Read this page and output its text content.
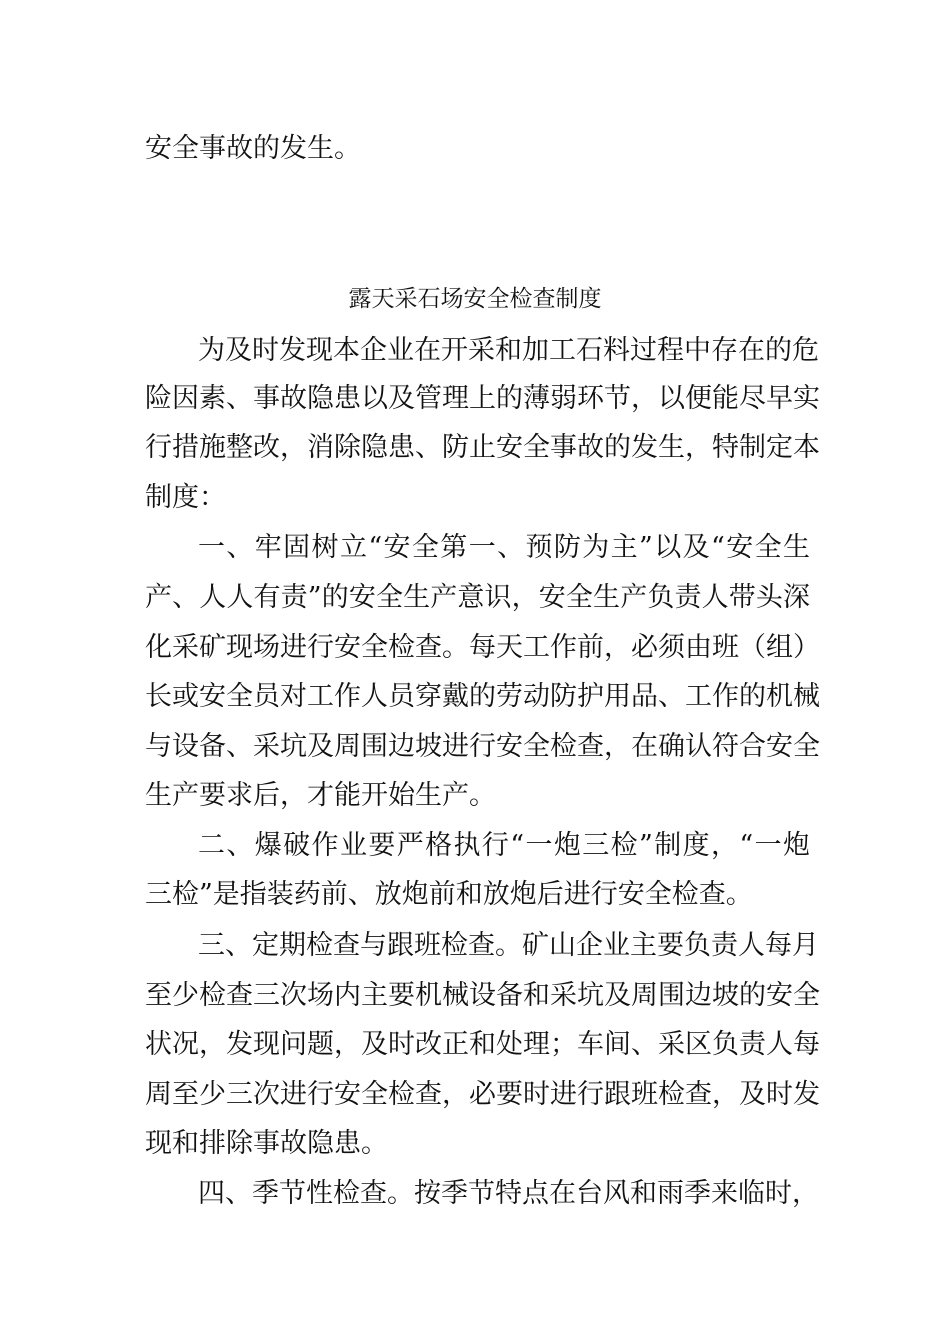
安全事故的发生。
露天采石场安全检查制度
为及时发现本企业在开采和加工石料过程中存在的危
险因素、事故隐患以及管理上的薄弱环节，以便能尽早实
行措施整改，消除隐患、防止安全事故的发生，特制定本
制度：
一、牢固树立“安全第一、预防为主”以及“安全生
产、人人有责”的安全生产意识，安全生产负责人带头深
化采矿现场进行安全检查。每天工作前，必须由班（组）
长或安全员对工作人员穿戴的劳动防护用品、工作的机械
与设备、采坑及周围边坡进行安全检查，在确认符合安全
生产要求后，才能开始生产。
二、爆破作业要严格执行“一炮三检”制度，“一炮
三检”是指装药前、放炮前和放炮后进行安全检查。
三、定期检查与跟班检查。矿山企业主要负责人每月
至少检查三次场内主要机械设备和采坑及周围边坡的安全
状况，发现问题，及时改正和处理；车间、采区负责人每
周至少三次进行安全检查，必要时进行跟班检查，及时发
现和排除事故隐患。
四、季节性检查。按季节特点在台风和雨季来临时，
